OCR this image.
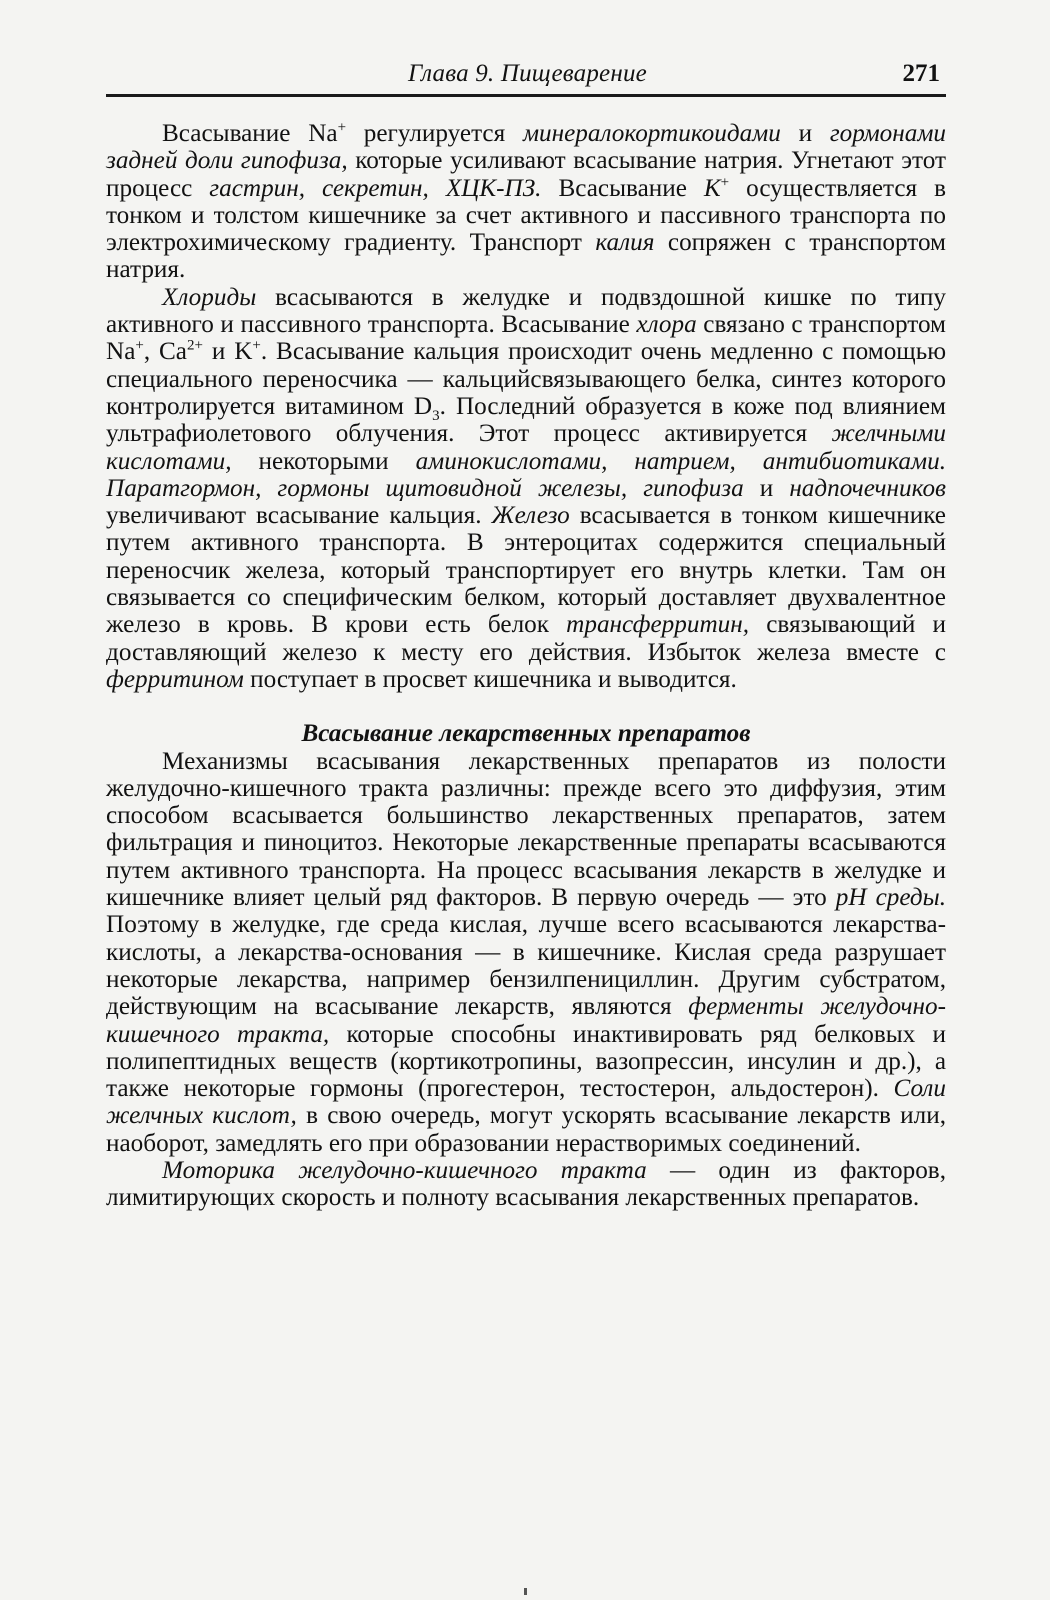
Глава 9. Пищеварение	271

Всасывание Na+ регулируется минералокортикоидами и гормонами задней доли гипофиза, которые усиливают всасывание натрия. Угнетают этот процесс гастрин, секретин, ХЦК-ПЗ. Всасывание K+ осуществляется в тонком и толстом кишечнике за счет активного и пассивного транспорта по электрохимическому градиенту. Транспорт калия сопряжен с транспортом натрия.

Хлориды всасываются в желудке и подвздошной кишке по типу активного и пассивного транспорта. Всасывание хлора связано с транспортом Na+, $Ca^{2+}$ и K+. Всасывание кальция происходит очень медленно с помощью специального переносчика — кальцийсвязывающего белка, синтез которого контролируется витамином $D_3$. Последний образуется в коже под влиянием ультрафиолетового облучения. Этот процесс активируется желчными кислотами, некоторыми аминокислотами, натрием, антибиотиками. Паратгормон, гормоны щитовидной железы, гипофиза и надпочечников увеличивают всасывание кальция. Железо всасывается в тонком кишечнике путем активного транспорта. В энтероцитах содержится специальный переносчик железа, который транспортирует его внутрь клетки. Там он связывается со специфическим белком, который доставляет двухвалентное железо в кровь. В крови есть белок трансферритин, связывающий и доставляющий железо к месту его действия. Избыток железа вместе с ферритином поступает в просвет кишечника и выводится.

Всасывание лекарственных препаратов

Механизмы всасывания лекарственных препаратов из полости желудочно-кишечного тракта различны: прежде всего это диффузия, этим способом всасывается большинство лекарственных препаратов, затем фильтрация и пиноцитоз. Некоторые лекарственные препараты всасываются путем активного транспорта. На процесс всасывания лекарств в желудке и кишечнике влияет целый ряд факторов. В первую очередь — это pH среды. Поэтому в желудке, где среда кислая, лучше всего всасываются лекарства-кислоты, а лекарства-основания — в кишечнике. Кислая среда разрушает некоторые лекарства, например бензилпенициллин. Другим субстратом, действующим на всасывание лекарств, являются ферменты желудочно-кишечного тракта, которые способны инактивировать ряд белковых и полипептидных веществ (кортикотропины, вазопрессин, инсулин и др.), а также некоторые гормоны (прогестерон, тестостерон, альдостерон). Соли желчных кислот, в свою очередь, могут ускорять всасывание лекарств или, наоборот, замедлять его при образовании нерастворимых соединений.

Моторика желудочно-кишечного тракта — один из факторов, лимитирующих скорость и полноту всасывания лекарственных препаратов.
